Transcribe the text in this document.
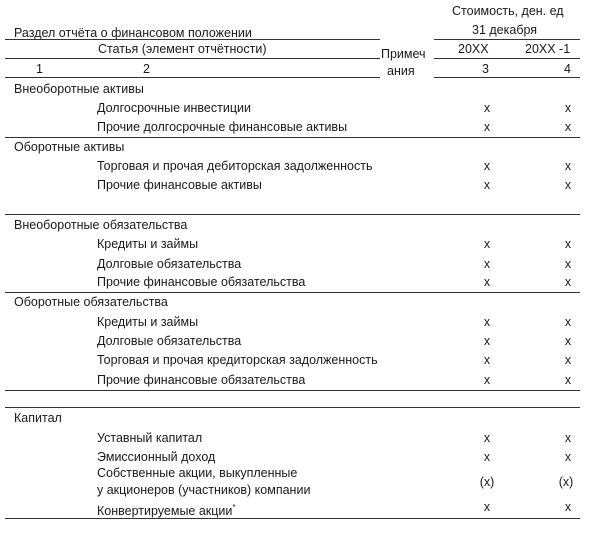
Стоимость, ден. ед
31 декабря
Раздел отчёта о финансовом положении
Статья (элемент отчётности)	Примеч
ания
20XX	20XX -1
1	2	3	4
Внеоборотные активы
Долгосрочные инвестиции	x	x
Прочие долгосрочные финансовые активы	x	x
Оборотные активы
Торговая и прочая дебиторская задолженность	x	x
Прочие финансовые активы	x	x
Внеоборотные обязательства
Кредиты и займы	x	x
Долговые обязательства	x	x
Прочие финансовые обязательства	x	x
Оборотные обязательства
Кредиты и займы	x	x
Долговые обязательства	x	x
Торговая и прочая кредиторская задолженность	x	x
Прочие финансовые обязательства	x	x
Капитал
Уставный капитал	x	x
Эмиссионный доход	x	x
Собственные акции, выкупленные
у акционеров (участников) компании
(x)	(x)
Конвертируемые акции*	x	x
